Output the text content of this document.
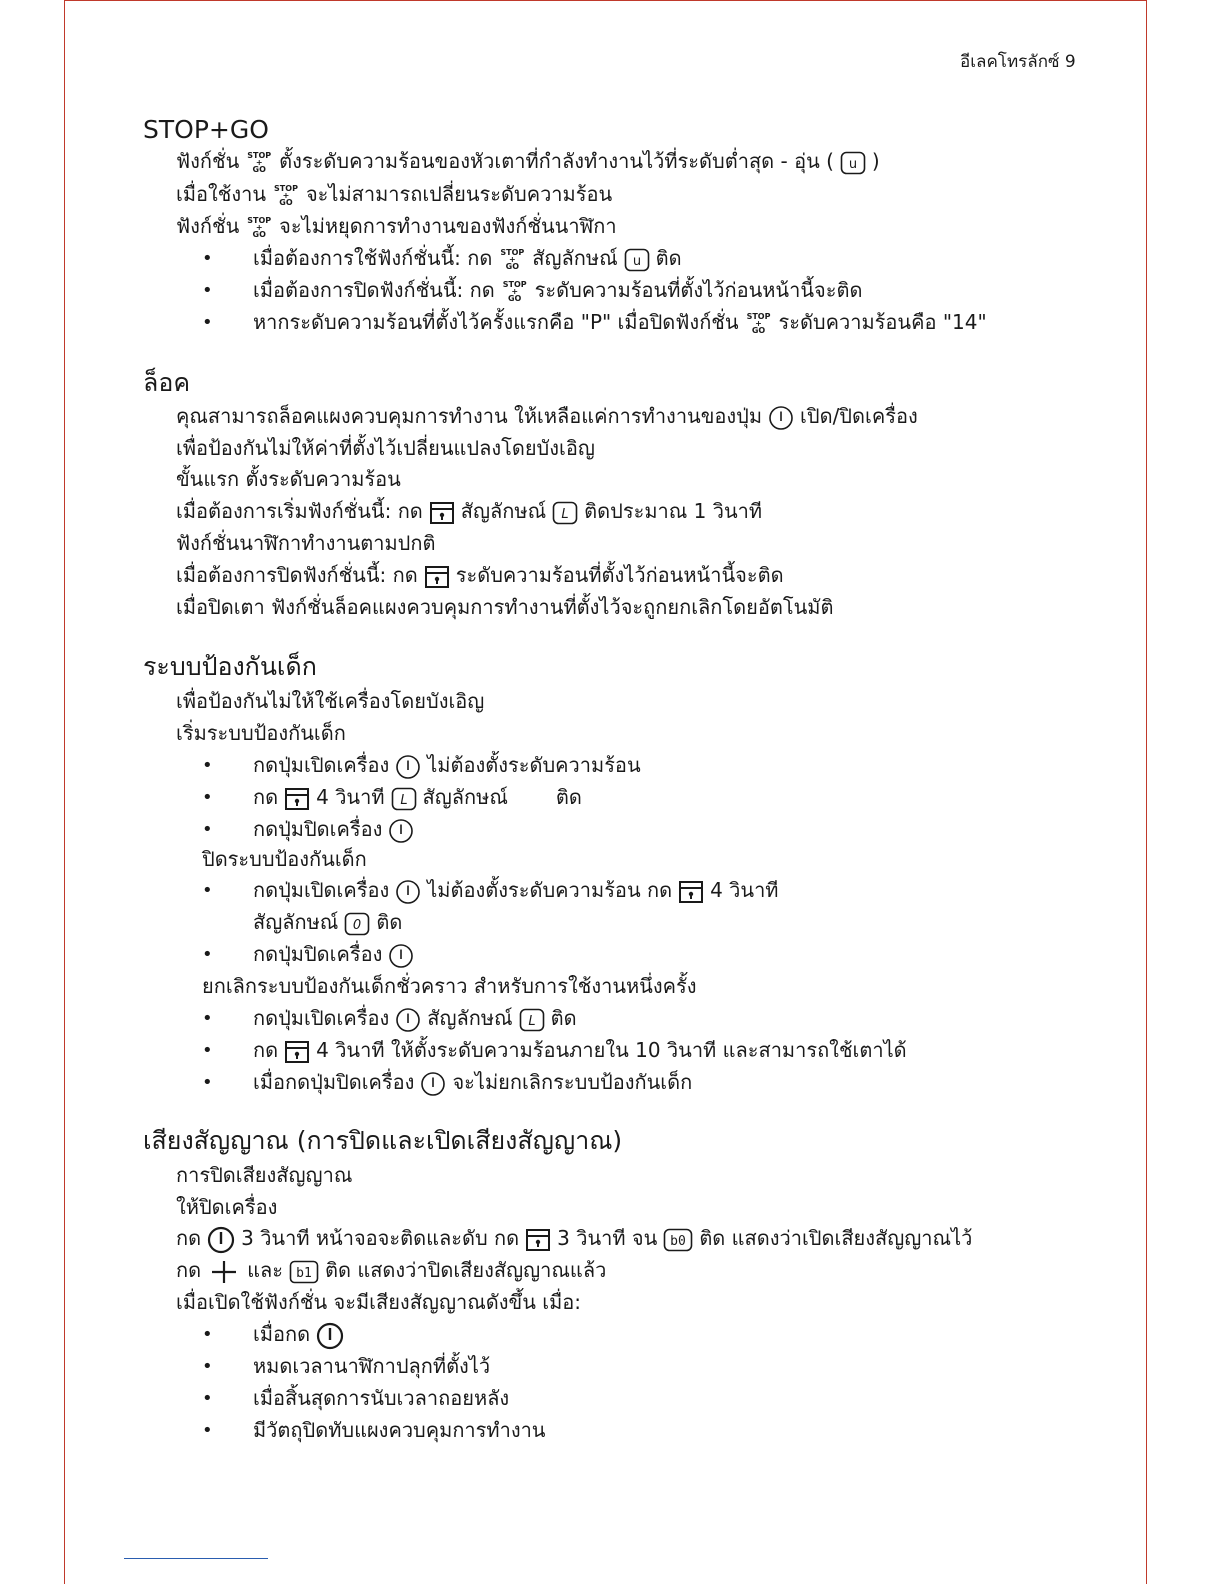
อีเลคโทรลักซ์ 9
STOP+GO
ฟังก์ชั่น STOP
+
GO ตั้งระดับความร้อนของหัวเตาที่กำลังทำงานไว้ที่ระดับต่ำสุด - อุ่น ( u )
เมื่อใช้งาน STOP
+
GO จะไม่สามารถเปลี่ยนระดับความร้อน
ฟังก์ชั่น STOP
+
GO จะไม่หยุดการทำงานของฟังก์ชั่นนาฬิกา
• เมื่อต้องการใช้ฟังก์ชั่นนี้: กด STOP
+
GO สัญลักษณ์ u ติด
• เมื่อต้องการปิดฟังก์ชั่นนี้: กด STOP
+
GO ระดับความร้อนที่ตั้งไว้ก่อนหน้านี้จะติด
• หากระดับความร้อนที่ตั้งไว้ครั้งแรกคือ "P" เมื่อปิดฟังก์ชั่น STOP
+
GO ระดับความร้อนคือ "14"
ล็อค
คุณสามารถล็อคแผงควบคุมการทำงาน ให้เหลือแค่การทำงานของปุ่ม เปิด/ปิดเครื่อง
เพื่อป้องกันไม่ให้ค่าที่ตั้งไว้เปลี่ยนแปลงโดยบังเอิญ
ขั้นแรก ตั้งระดับความร้อน
เมื่อต้องการเริ่มฟังก์ชั่นนี้: กด สัญลักษณ์ L ติดประมาณ 1 วินาที
ฟังก์ชั่นนาฬิกาทำงานตามปกติ
เมื่อต้องการปิดฟังก์ชั่นนี้: กด ระดับความร้อนที่ตั้งไว้ก่อนหน้านี้จะติด
เมื่อปิดเตา ฟังก์ชั่นล็อคแผงควบคุมการทำงานที่ตั้งไว้จะถูกยกเลิกโดยอัตโนมัติ
ระบบป้องกันเด็ก
เพื่อป้องกันไม่ให้ใช้เครื่องโดยบังเอิญ
เริ่มระบบป้องกันเด็ก
• กดปุ่มเปิดเครื่อง ไม่ต้องตั้งระดับความร้อน
• กด 4 วินาที L สัญลักษณ์ ติด
• กดปุ่มปิดเครื่อง
ปิดระบบป้องกันเด็ก
• กดปุ่มเปิดเครื่อง ไม่ต้องตั้งระดับความร้อน กด 4 วินาที
สัญลักษณ์ 0 ติด
• กดปุ่มปิดเครื่อง
ยกเลิกระบบป้องกันเด็กชั่วคราว สำหรับการใช้งานหนึ่งครั้ง
• กดปุ่มเปิดเครื่อง สัญลักษณ์ L ติด
• กด 4 วินาที ให้ตั้งระดับความร้อนภายใน 10 วินาที และสามารถใช้เตาได้
• เมื่อกดปุ่มปิดเครื่อง จะไม่ยกเลิกระบบป้องกันเด็ก
เสียงสัญญาณ (การปิดและเปิดเสียงสัญญาณ)
การปิดเสียงสัญญาณ
ให้ปิดเครื่อง
กด 3 วินาที หน้าจอจะติดและดับ กด 3 วินาที จน b0 ติด แสดงว่าเปิดเสียงสัญญาณไว้
กด และ b1 ติด แสดงว่าปิดเสียงสัญญาณแล้ว
เมื่อเปิดใช้ฟังก์ชั่น จะมีเสียงสัญญาณดังขึ้น เมื่อ:
• เมื่อกด
• หมดเวลานาฬิกาปลุกที่ตั้งไว้
• เมื่อสิ้นสุดการนับเวลาถอยหลัง
• มีวัตถุปิดทับแผงควบคุมการทำงาน
